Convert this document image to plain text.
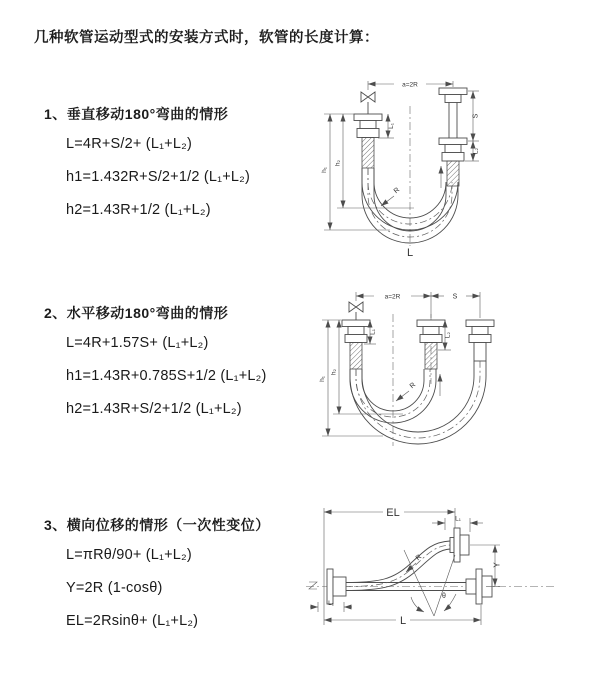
几种软管运动型式的安装方式时，软管的长度计算：
1、垂直移动180°弯曲的情形
L=4R+S/2+ (L₁+L₂)
h1=1.432R+S/2+1/2 (L₁+L₂)
h2=1.43R+1/2 (L₁+L₂)
a=2R
h₁
h₂
L₁
S
L₂
R
L
2、水平移动180°弯曲的情形
L=4R+1.57S+ (L₁+L₂)
h1=1.43R+0.785S+1/2 (L₁+L₂)
h2=1.43R+S/2+1/2 (L₁+L₂)
a=2R	S
h₁
h₂
L₁	L₂
R
3、横向位移的情形（一次性变位）
L=πRθ/90+ (L₁+L₂)
Y=2R (1-cosθ)
EL=2Rsinθ+ (L₁+L₂)
θ
R
EL	L₁
Y
L₁
L
